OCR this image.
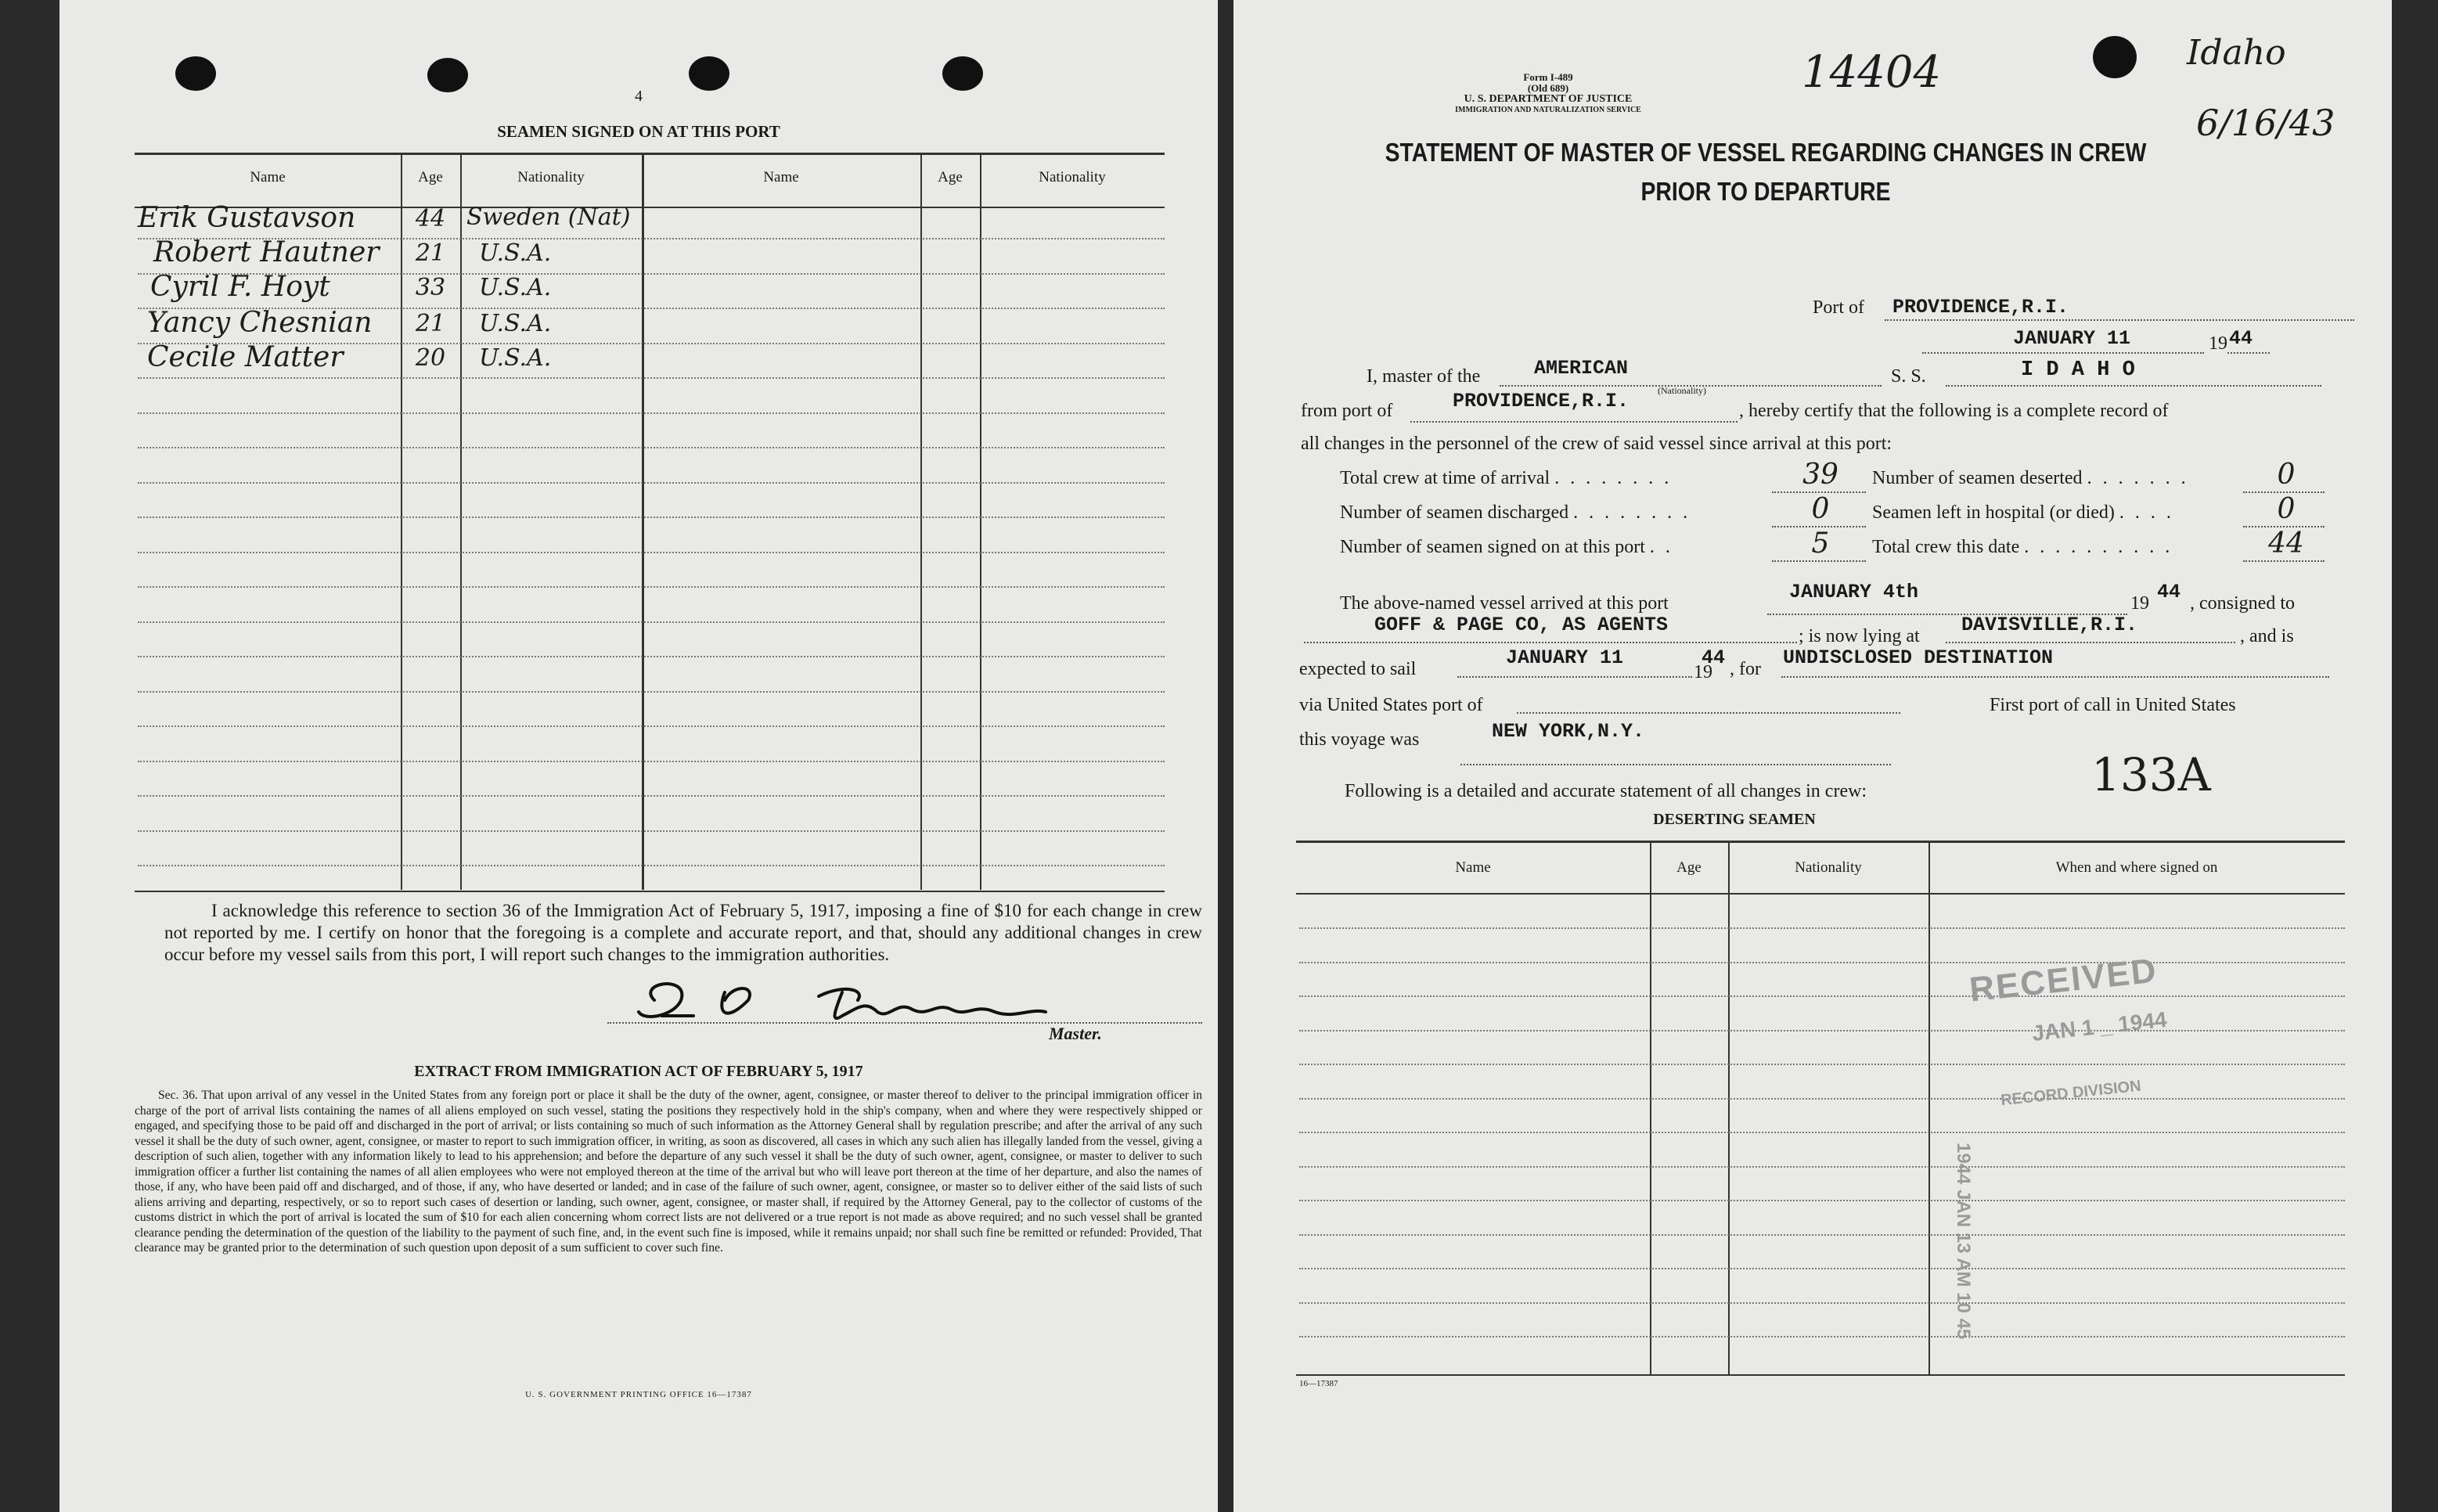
4
SEAMEN SIGNED ON AT THIS PORT
Name	Age	Nationality	Name	Age	Nationality
Erik Gustavson	44 Sweden (Nat)
Robert Hautner	21	U.S.A.
Cyril F. Hoyt	33	U.S.A.
Yancy Chesnian	21	U.S.A.
Cecile Matter	20	U.S.A.
I acknowledge this reference to section 36 of the Immigration Act of February 5, 1917, imposing a fine of $10 for each change in crew not reported by me. I certify on honor that the foregoing is a complete and accurate report, and that, should any additional changes in crew occur before my vessel sails from this port, I will report such changes to the immigration authorities.
Master.
EXTRACT FROM IMMIGRATION ACT OF FEBRUARY 5, 1917
Sec. 36. That upon arrival of any vessel in the United States from any foreign port or place it shall be the duty of the owner, agent, consignee, or master thereof to deliver to the principal immigration officer in charge of the port of arrival lists containing the names of all aliens employed on such vessel, stating the positions they respectively hold in the ship's company, when and where they were respectively shipped or engaged, and specifying those to be paid off and discharged in the port of arrival; or lists containing so much of such information as the Attorney General shall by regulation prescribe; and after the arrival of any such vessel it shall be the duty of such owner, agent, consignee, or master to report to such immigration officer, in writing, as soon as discovered, all cases in which any such alien has illegally landed from the vessel, giving a description of such alien, together with any information likely to lead to his apprehension; and before the departure of any such vessel it shall be the duty of such owner, agent, consignee, or master to deliver to such immigration officer a further list containing the names of all alien employees who were not employed thereon at the time of the arrival but who will leave port thereon at the time of her departure, and also the names of those, if any, who have been paid off and discharged, and of those, if any, who have deserted or landed; and in case of the failure of such owner, agent, consignee, or master so to deliver either of the said lists of such aliens arriving and departing, respectively, or so to report such cases of desertion or landing, such owner, agent, consignee, or master shall, if required by the Attorney General, pay to the collector of customs of the customs district in which the port of arrival is located the sum of $10 for each alien concerning whom correct lists are not delivered or a true report is not made as above required; and no such vessel shall be granted clearance pending the determination of the question of the liability to the payment of such fine, and, in the event such fine is imposed, while it remains unpaid; nor shall such fine be remitted or refunded: Provided, That clearance may be granted prior to the determination of such question upon deposit of a sum sufficient to cover such fine.
U. S. GOVERNMENT PRINTING OFFICE 16—17387
Form I-489
(Old 689)
U. S. DEPARTMENT OF JUSTICE
IMMIGRATION AND NATURALIZATION SERVICE
14404	Idaho
6/16/43
STATEMENT OF MASTER OF VESSEL REGARDING CHANGES IN CREW
PRIOR TO DEPARTURE
Port of PROVIDENCE,R.I.
JANUARY 11	19 44
I, master of the	AMERICAN	S. S.	I D A H O
from port of	PROVIDENCE,R.I.	(Nationality)
, hereby certify that the following is a complete record of
all changes in the personnel of the crew of said vessel since arrival at this port:
Total crew at time of arrival . . . . . . . .	39	Number of seamen deserted . . . . . . .	0
Number of seamen discharged . . . . . . . .	0	Seamen left in hospital (or died) . . . .	0
Number of seamen signed on at this port . .	5	Total crew this date . . . . . . . . . .	44
The above-named vessel arrived at this port	JANUARY 4th	19 44 , consigned to
GOFF & PAGE CO, AS AGENTS	; is now lying at DAVISVILLE,R.I.	, and is
expected to sail	JANUARY 11
19
44 , for UNDISCLOSED DESTINATION
via United States port of	First port of call in United States
this voyage was	NEW YORK,N.Y.
Following is a detailed and accurate statement of all changes in crew:	133A
DESERTING SEAMEN
Name	Age	Nationality	When and where signed on
16—17387
RECEIVED
JAN 1 _ 1944
RECORD DIVISION
1944 JAN 13 AM 10 45
